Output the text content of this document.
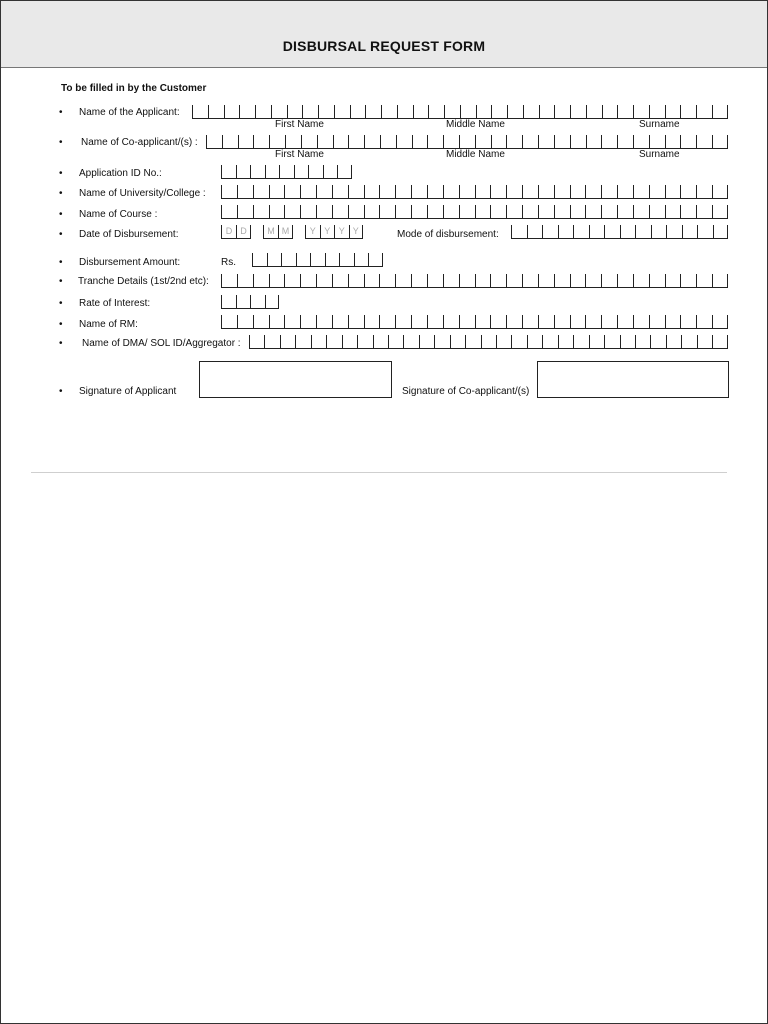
DISBURSAL REQUEST FORM
To be filled in by the Customer
• Name of the Applicant:
First Name	Middle Name	Surname
• Name of Co-applicant/(s) :
First Name	Middle Name	Surname
• Application ID No.:
• Name of University/College :
• Name of Course :
• Date of Disbursement:	D D	M M	Y Y Y Y	Mode of disbursement:
• Disbursement Amount:	Rs.
• Tranche Details (1st/2nd etc):
• Rate of Interest:
• Name of RM:
• Name of DMA/ SOL ID/Aggregator :
• Signature of Applicant	Signature of Co-applicant/(s)
